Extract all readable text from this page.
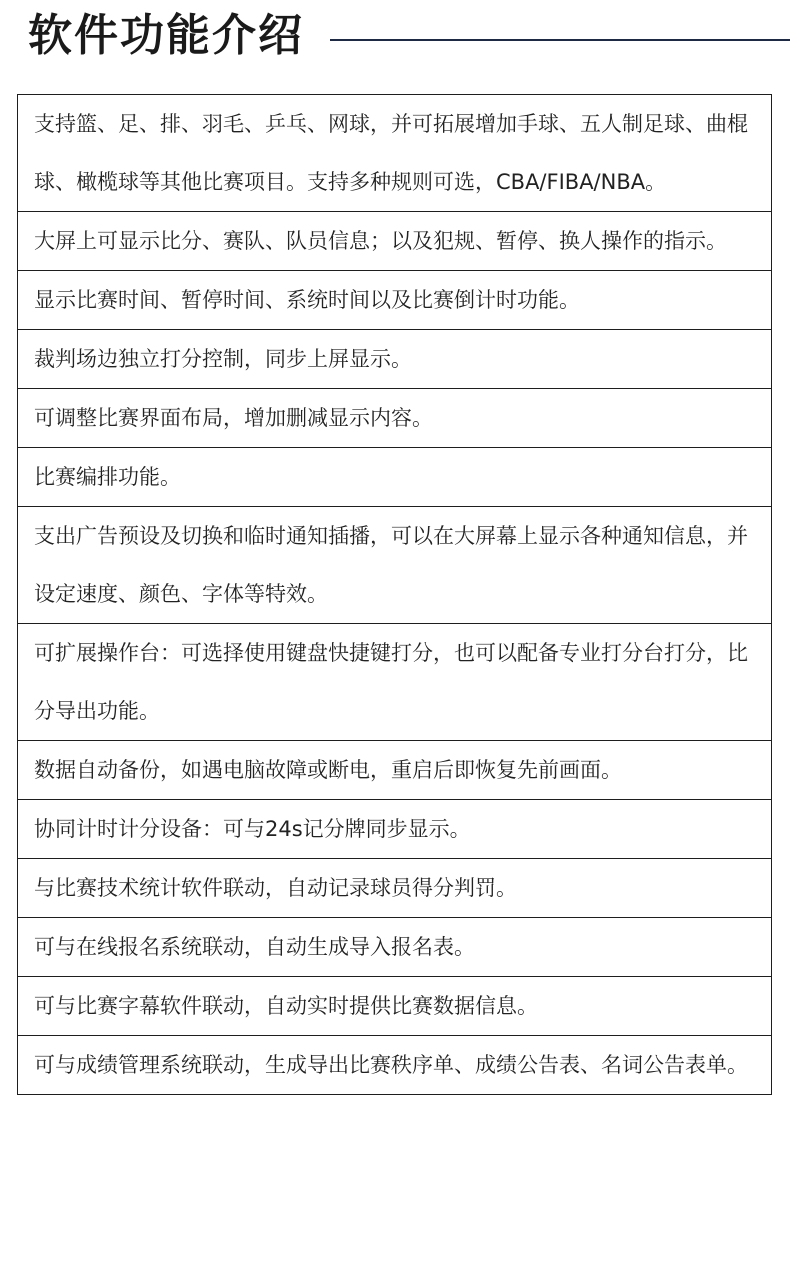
软件功能介绍
支持篮、足、排、羽毛、乒乓、网球，并可拓展增加手球、五人制足球、曲棍球、橄榄球等其他比赛项目。支持多种规则可选，CBA/FIBA/NBA。
大屏上可显示比分、赛队、队员信息；以及犯规、暂停、换人操作的指示。
显示比赛时间、暂停时间、系统时间以及比赛倒计时功能。
裁判场边独立打分控制，同步上屏显示。
可调整比赛界面布局，增加删减显示内容。
比赛编排功能。
支出广告预设及切换和临时通知插播，可以在大屏幕上显示各种通知信息，并设定速度、颜色、字体等特效。
可扩展操作台：可选择使用键盘快捷键打分，也可以配备专业打分台打分，比分导出功能。
数据自动备份，如遇电脑故障或断电，重启后即恢复先前画面。
协同计时计分设备：可与24s记分牌同步显示。
与比赛技术统计软件联动，自动记录球员得分判罚。
可与在线报名系统联动，自动生成导入报名表。
可与比赛字幕软件联动，自动实时提供比赛数据信息。
可与成绩管理系统联动，生成导出比赛秩序单、成绩公告表、名词公告表单。
